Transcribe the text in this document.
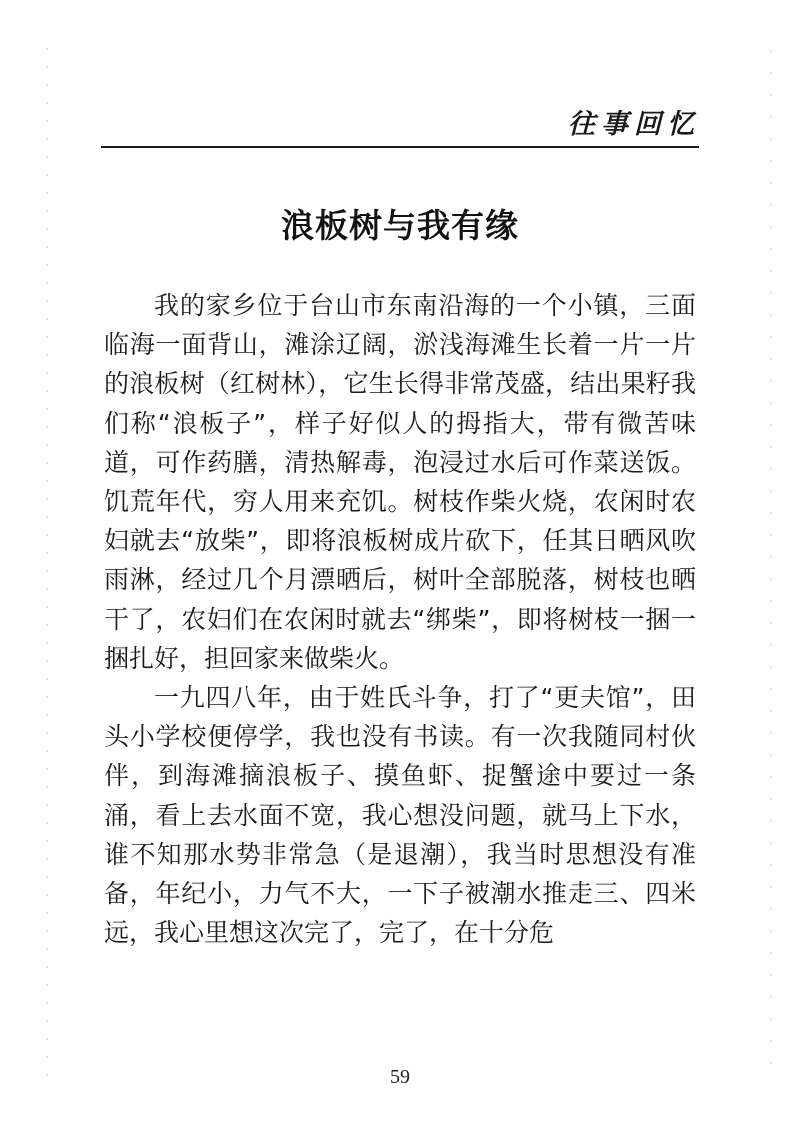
往事回忆
浪板树与我有缘

我的家乡位于台山市东南沿海的一个小镇，三面临海一面背山，滩涂辽阔，淤浅海滩生长着一片一片的浪板树（红树林），它生长得非常茂盛，结出果籽我们称“浪板子”，样子好似人的拇指大，带有微苦味道，可作药膳，清热解毒，泡浸过水后可作菜送饭。饥荒年代，穷人用来充饥。树枝作柴火烧，农闲时农妇就去“放柴”，即将浪板树成片砍下，任其日晒风吹雨淋，经过几个月漂晒后，树叶全部脱落，树枝也晒干了，农妇们在农闲时就去“绑柴”，即将树枝一捆一捆扎好，担回家来做柴火。

一九四八年，由于姓氏斗争，打了“更夫馆”，田头小学校便停学，我也没有书读。有一次我随同村伙伴，到海滩摘浪板子、摸鱼虾、捉蟹途中要过一条涌，看上去水面不宽，我心想没问题，就马上下水，谁不知那水势非常急（是退潮），我当时思想没有准备，年纪小，力气不大，一下子被潮水推走三、四米远，我心里想这次完了，完了，在十分危

59
